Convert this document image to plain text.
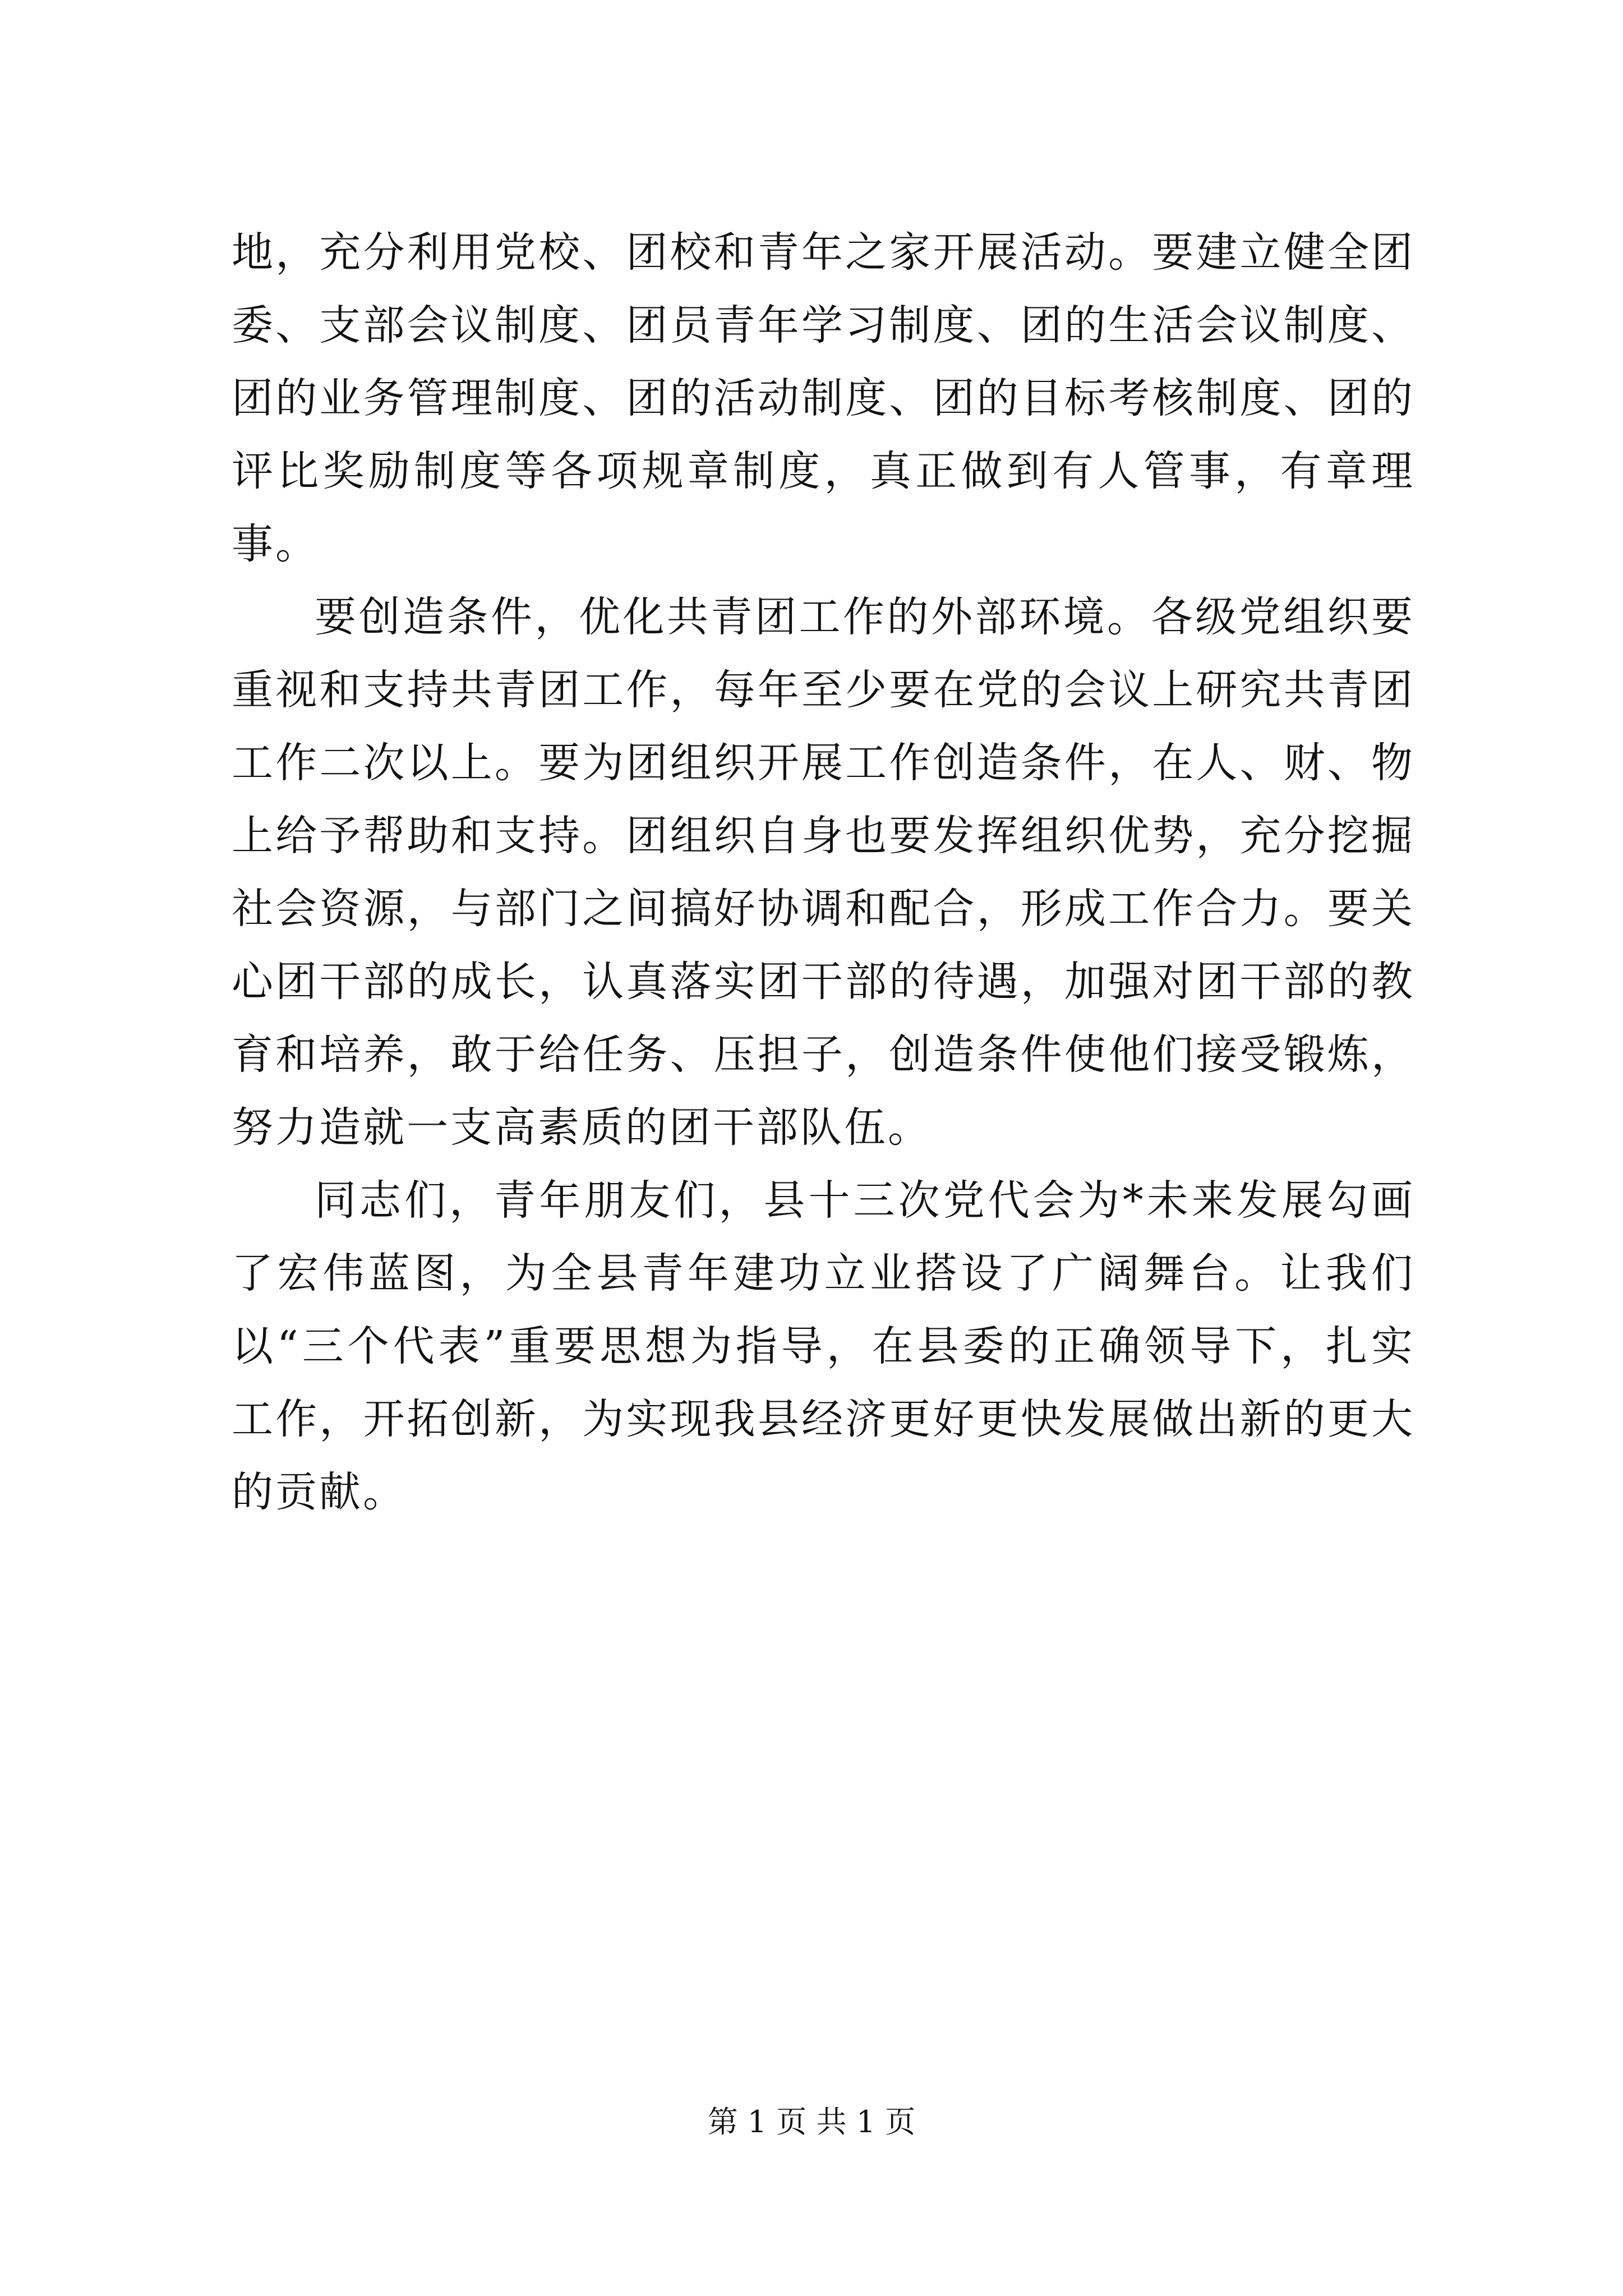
地，充分利用党校、团校和青年之家开展活动。要建立健全团委、支部会议制度、团员青年学习制度、团的生活会议制度、团的业务管理制度、团的活动制度、团的目标考核制度、团的评比奖励制度等各项规章制度，真正做到有人管事，有章理事。

要创造条件，优化共青团工作的外部环境。各级党组织要重视和支持共青团工作，每年至少要在党的会议上研究共青团工作二次以上。要为团组织开展工作创造条件，在人、财、物上给予帮助和支持。团组织自身也要发挥组织优势，充分挖掘社会资源，与部门之间搞好协调和配合，形成工作合力。要关心团干部的成长，认真落实团干部的待遇，加强对团干部的教育和培养，敢于给任务、压担子，创造条件使他们接受锻炼，努力造就一支高素质的团干部队伍。

同志们，青年朋友们，县十三次党代会为*未来发展勾画了宏伟蓝图，为全县青年建功立业搭设了广阔舞台。让我们以“三个代表”重要思想为指导，在县委的正确领导下，扎实工作，开拓创新，为实现我县经济更好更快发展做出新的更大的贡献。

第 1 页 共 1 页
